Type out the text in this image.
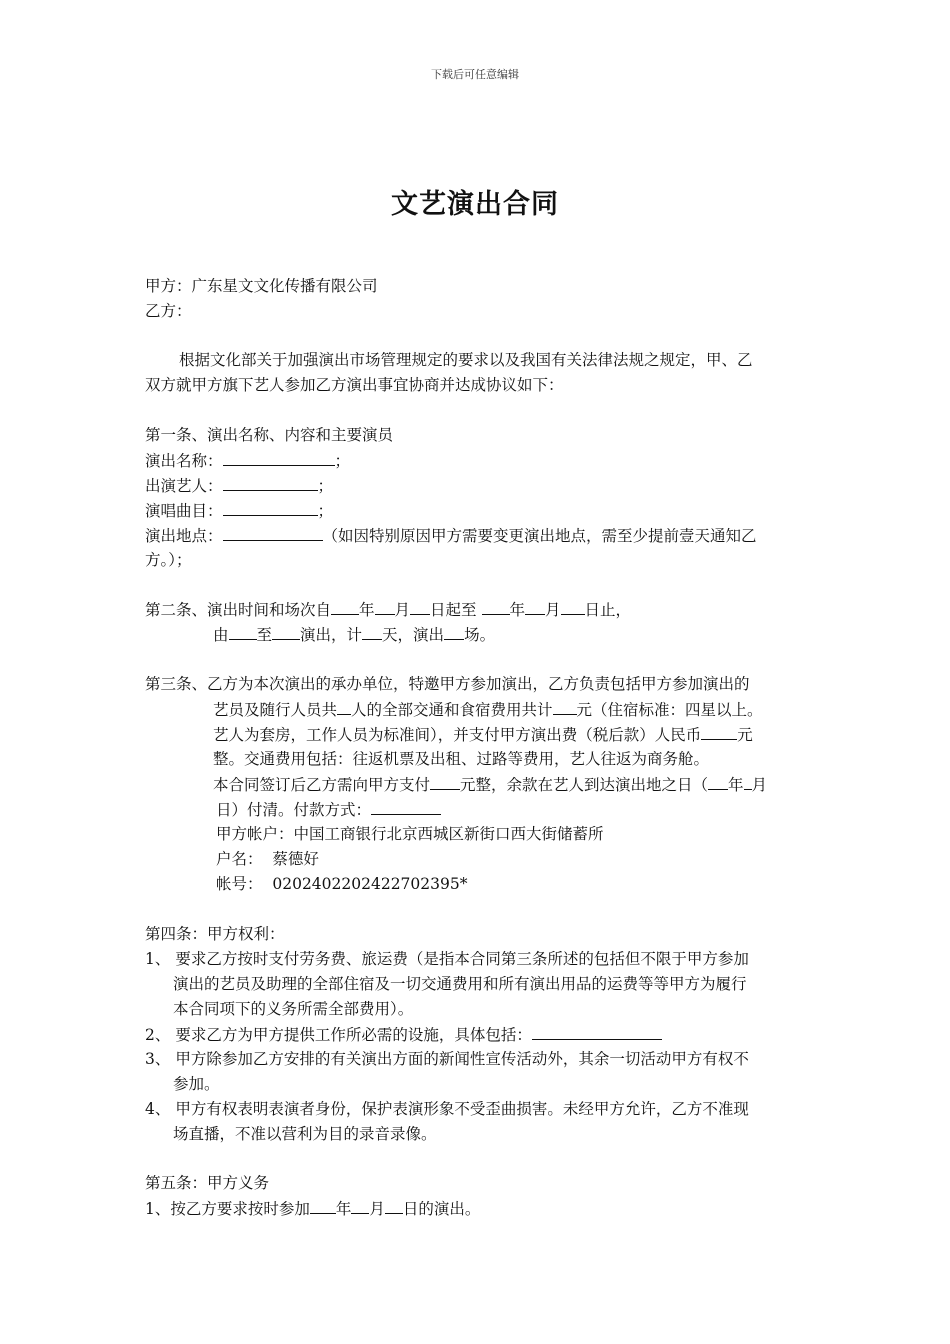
下载后可任意编辑
文艺演出合同
甲方：广东星文文化传播有限公司
乙方：
根据文化部关于加强演出市场管理规定的要求以及我国有关法律法规之规定，甲、乙
双方就甲方旗下艺人参加乙方演出事宜协商并达成协议如下：
第一条、演出名称、内容和主要演员
演出名称：	；
出演艺人：	；
演唱曲目：	；
演出地点：	（如因特别原因甲方需要变更演出地点，需至少提前壹天通知乙
方。）；
第二条、演出时间和场次自 年 月 日起至 年 月 日止，
由 至 演出，计 天，演出 场。
第三条、乙方为本次演出的承办单位，特邀甲方参加演出，乙方负责包括甲方参加演出的
艺员及随行人员共 人的全部交通和食宿费用共计 元（住宿标准：四星以上。
艺人为套房，工作人员为标准间），并支付甲方演出费（税后款）人民币 元
整。交通费用包括：往返机票及出租、过路等费用，艺人往返为商务舱。
本合同签订后乙方需向甲方支付 元整，余款在艺人到达演出地之日（ 年 月
日）付清。付款方式：
甲方帐户：中国工商银行北京西城区新街口西大街储蓄所
户名：  蔡德好
帐号：  0202402202422702395*
第四条：甲方权利：
1、 要求乙方按时支付劳务费、旅运费（是指本合同第三条所述的包括但不限于甲方参加
演出的艺员及助理的全部住宿及一切交通费用和所有演出用品的运费等等甲方为履行
本合同项下的义务所需全部费用）。
2、 要求乙方为甲方提供工作所必需的设施，具体包括：
3、 甲方除参加乙方安排的有关演出方面的新闻性宣传活动外，其余一切活动甲方有权不
参加。
4、 甲方有权表明表演者身份，保护表演形象不受歪曲损害。未经甲方允许，乙方不准现
场直播，不准以营利为目的录音录像。
第五条：甲方义务
1、按乙方要求按时参加 年 月 日的演出。
